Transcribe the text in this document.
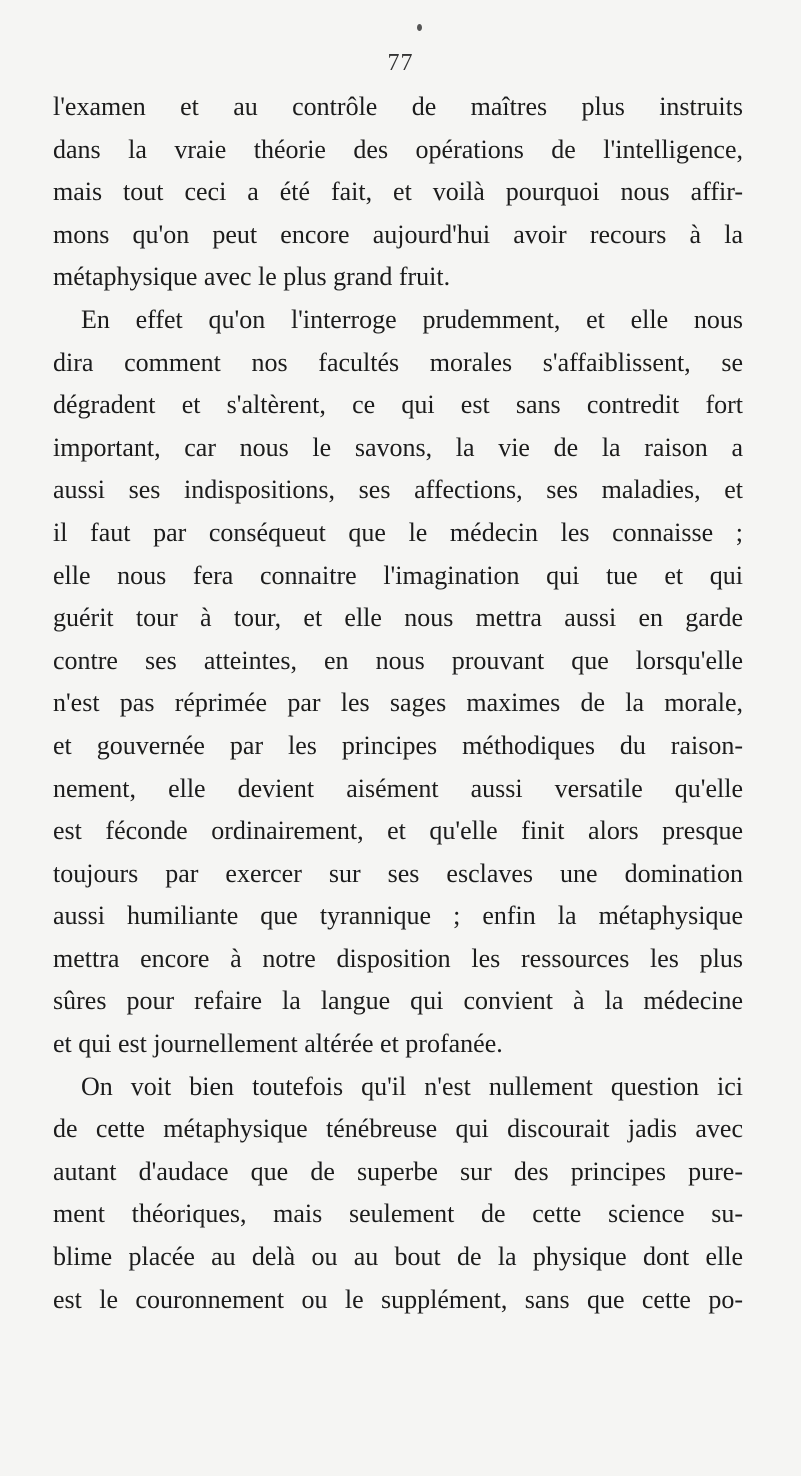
77
l'examen et au contrôle de maîtres plus instruits
dans la vraie théorie des opérations de l'intelligence,
mais tout ceci a été fait, et voilà pourquoi nous affir-
mons qu'on peut encore aujourd'hui avoir recours à la
métaphysique avec le plus grand fruit.
En effet qu'on l'interroge prudemment, et elle nous
dira comment nos facultés morales s'affaiblissent, se
dégradent et s'altèrent, ce qui est sans contredit fort
important, car nous le savons, la vie de la raison a
aussi ses indispositions, ses affections, ses maladies, et
il faut par conséqueut que le médecin les connaisse ;
elle nous fera connaitre l'imagination qui tue et qui
guérit tour à tour, et elle nous mettra aussi en garde
contre ses atteintes, en nous prouvant que lorsqu'elle
n'est pas réprimée par les sages maximes de la morale,
et gouvernée par les principes méthodiques du raison-
nement, elle devient aisément aussi versatile qu'elle
est féconde ordinairement, et qu'elle finit alors presque
toujours par exercer sur ses esclaves une domination
aussi humiliante que tyrannique ; enfin la métaphysique
mettra encore à notre disposition les ressources les plus
sûres pour refaire la langue qui convient à la médecine
et qui est journellement altérée et profanée.
On voit bien toutefois qu'il n'est nullement question ici
de cette métaphysique ténébreuse qui discourait jadis avec
autant d'audace que de superbe sur des principes pure-
ment théoriques, mais seulement de cette science su-
blime placée au delà ou au bout de la physique dont elle
est le couronnement ou le supplément, sans que cette po-
